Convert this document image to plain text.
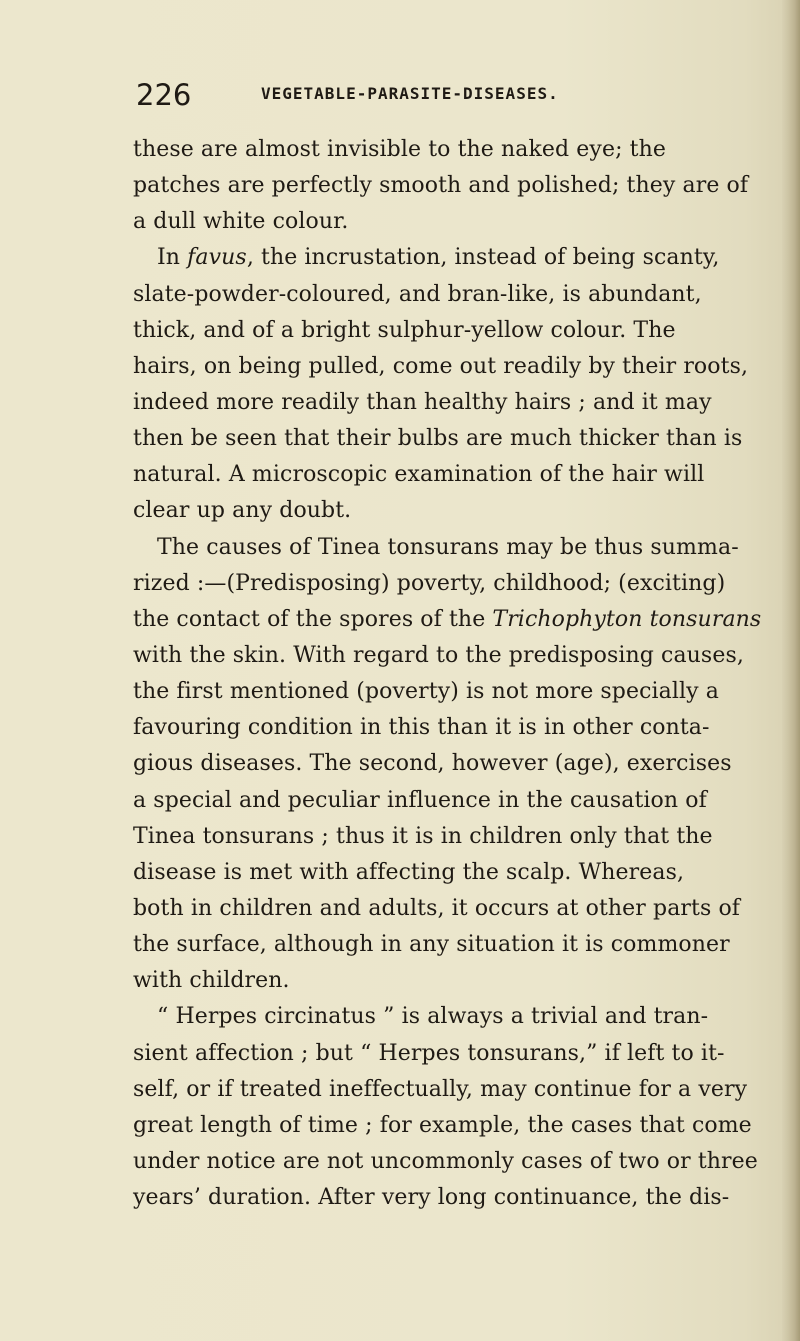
226	VEGETABLE-PARASITE-DISEASES.
these are almost invisible to the naked eye; the
patches are perfectly smooth and polished; they are of
a dull white colour.
In favus, the incrustation, instead of being scanty,
slate-powder-coloured, and bran-like, is abundant,
thick, and of a bright sulphur-yellow colour. The
hairs, on being pulled, come out readily by their roots,
indeed more readily than healthy hairs ; and it may
then be seen that their bulbs are much thicker than is
natural. A microscopic examination of the hair will
clear up any doubt.
The causes of Tinea tonsurans may be thus summa-
rized :—(Predisposing) poverty, childhood; (exciting)
the contact of the spores of the Trichophyton tonsurans
with the skin. With regard to the predisposing causes,
the first mentioned (poverty) is not more specially a
favouring condition in this than it is in other conta-
gious diseases. The second, however (age), exercises
a special and peculiar influence in the causation of
Tinea tonsurans ; thus it is in children only that the
disease is met with affecting the scalp. Whereas,
both in children and adults, it occurs at other parts of
the surface, although in any situation it is commoner
with children.
“ Herpes circinatus ” is always a trivial and tran-
sient affection ; but “ Herpes tonsurans,” if left to it-
self, or if treated ineffectually, may continue for a very
great length of time ; for example, the cases that come
under notice are not uncommonly cases of two or three
years’ duration. After very long continuance, the dis-
